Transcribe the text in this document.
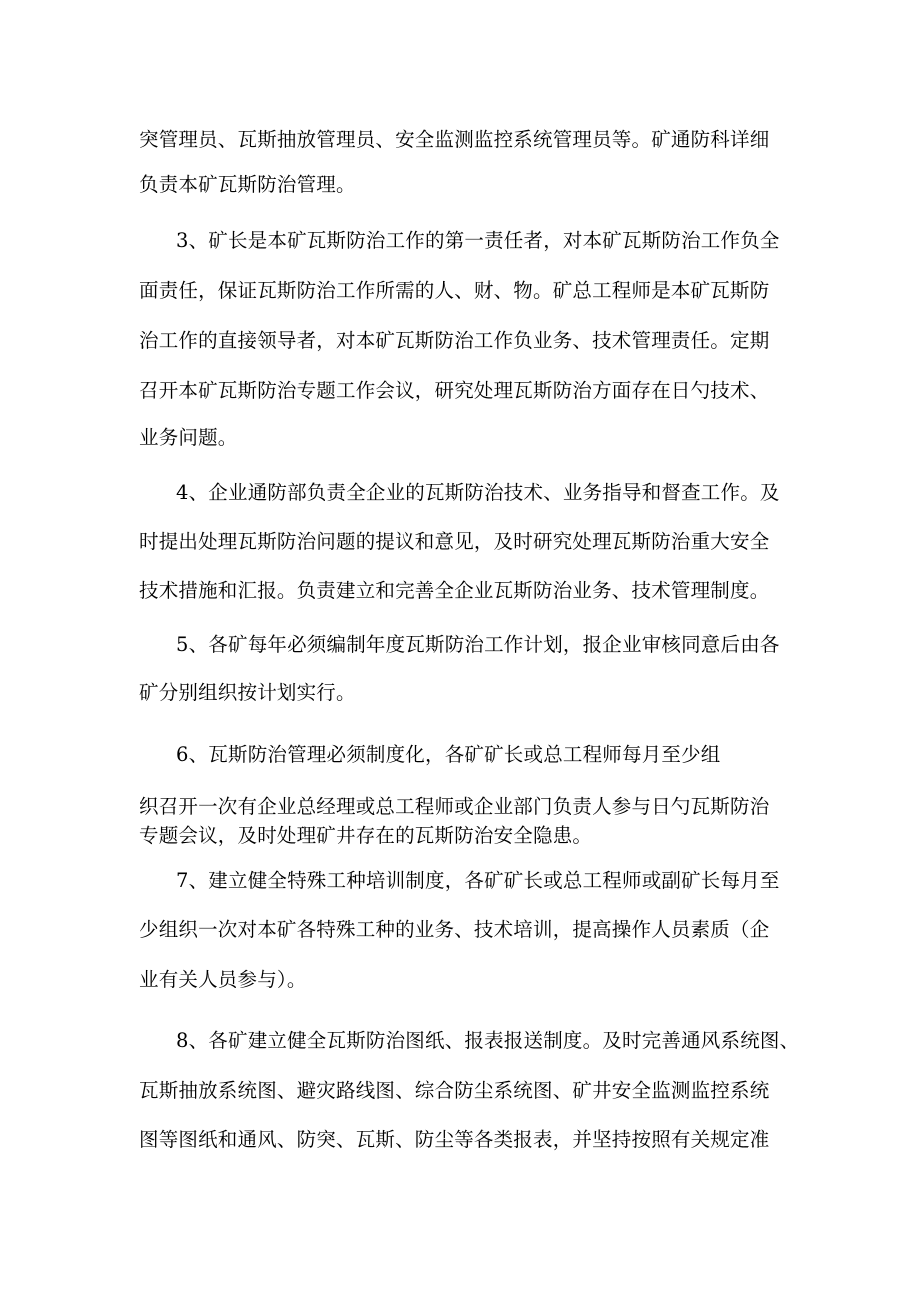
突管理员、瓦斯抽放管理员、安全监测监控系统管理员等。矿通防科详细
负责本矿瓦斯防治管理。
3、矿长是本矿瓦斯防治工作的第一责任者，对本矿瓦斯防治工作负全
面责任，保证瓦斯防治工作所需的人、财、物。矿总工程师是本矿瓦斯防
治工作的直接领导者，对本矿瓦斯防治工作负业务、技术管理责任。定期
召开本矿瓦斯防治专题工作会议，研究处理瓦斯防治方面存在日勺技术、
业务问题。
4、企业通防部负责全企业的瓦斯防治技术、业务指导和督查工作。及
时提出处理瓦斯防治问题的提议和意见，及时研究处理瓦斯防治重大安全
技术措施和汇报。负责建立和完善全企业瓦斯防治业务、技术管理制度。
5、各矿每年必须编制年度瓦斯防治工作计划，报企业审核同意后由各
矿分别组织按计划实行。
6、瓦斯防治管理必须制度化，各矿矿长或总工程师每月至少组
织召开一次有企业总经理或总工程师或企业部门负责人参与日勺瓦斯防治
专题会议，及时处理矿井存在的瓦斯防治安全隐患。
7、建立健全特殊工种培训制度，各矿矿长或总工程师或副矿长每月至
少组织一次对本矿各特殊工种的业务、技术培训，提高操作人员素质（企
业有关人员参与）。
8、各矿建立健全瓦斯防治图纸、报表报送制度。及时完善通风系统图、
瓦斯抽放系统图、避灾路线图、综合防尘系统图、矿井安全监测监控系统
图等图纸和通风、防突、瓦斯、防尘等各类报表，并坚持按照有关规定准
